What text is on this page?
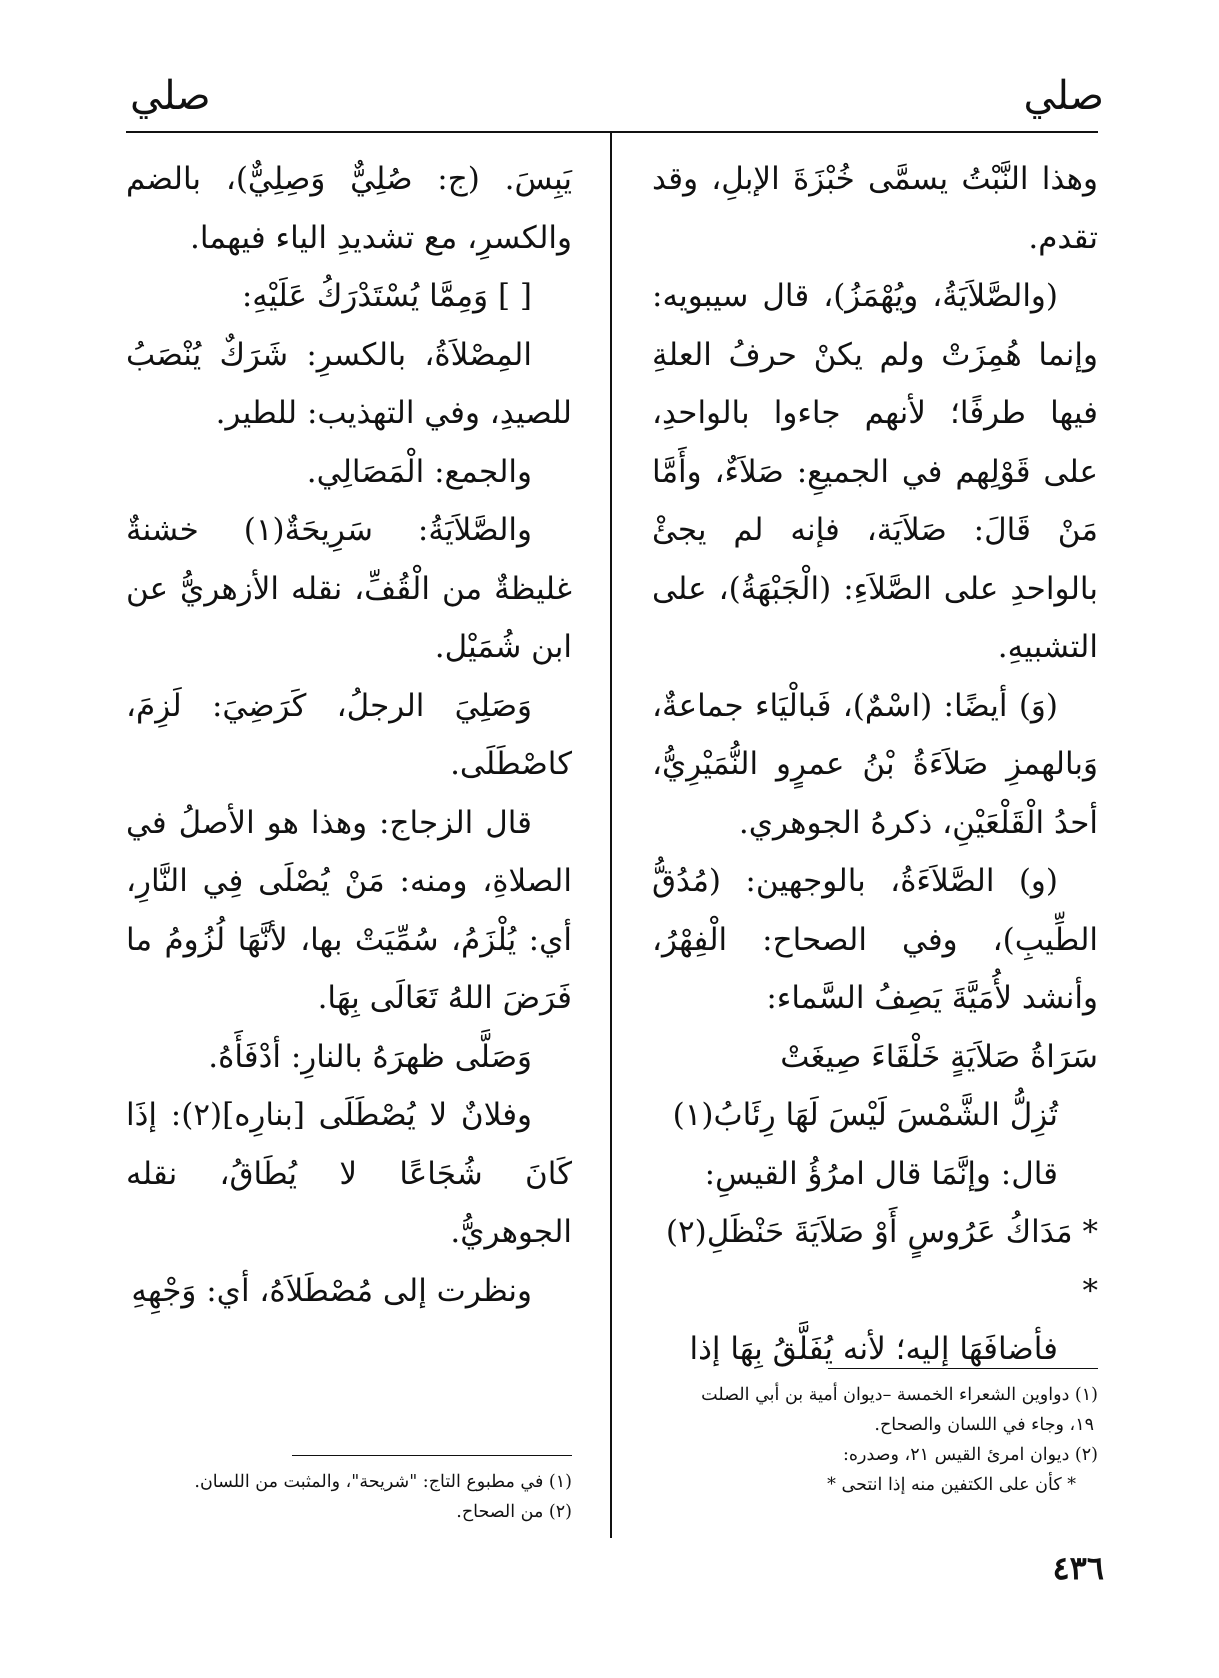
صلي
صلي

وهذا النَّبْتُ يسمَّى خُبْزَةَ الإبلِ، وقد تقدم.

(والصَّلاَيَةُ، ويُهْمَزُ)، قال سيبويه: وإنما هُمِزَتْ ولم يكنْ حرفُ العلةِ فيها طرفًا؛ لأنهم جاءوا بالواحدِ، على قَوْلِهم في الجميعِ: صَلاَءٌ، وأَمَّا مَنْ قَالَ: صَلاَيَة، فإنه لم يجئْ بالواحدِ على الصَّلاَءِ: (الْجَبْهَةُ)، على التشبيهِ.

(وَ) أيضًا: (اسْمٌ)، فَبالْيَاء جماعةٌ، وَبالهمزِ صَلاَءَةُ بْنُ عمرٍو النُّمَيْرِيُّ، أحدُ الْقَلْعَيْنِ، ذكرهُ الجوهري.

(و) الصَّلاَءَةُ، بالوجهين: (مُدُقُّ الطِّيبِ)، وفي الصحاح: الْفِهْرُ، وأنشد لأُمَيَّةَ يَصِفُ السَّماء:

سَرَاةُ صَلاَيَةٍ خَلْقَاءَ صِيغَتْ

تُزِلُّ الشَّمْسَ لَيْسَ لَهَا رِئَابُ(١)

قال: وإنَّمَا قال امرُؤُ القيسِ:

* مَدَاكُ عَرُوسٍ أَوْ صَلاَيَةَ حَنْظَلِ(٢) *

فأضافَهَا إليه؛ لأنه يُفَلَّقُ بِهَا إذا

يَبِسَ. (ج: صُلِيٌّ وَصِلِيٌّ)، بالضم والكسرِ، مع تشديدِ الياء فيهما.

[ ] وَمِمَّا يُسْتَدْرَكُ عَلَيْهِ:

المِصْلاَةُ، بالكسرِ: شَرَكٌ يُنْصَبُ للصيدِ، وفي التهذيب: للطير.

والجمع: الْمَصَالِي.

والصَّلاَيَةُ: سَرِيحَةٌ(١) خشنةٌ غليظةٌ من الْقُفِّ، نقله الأزهريُّ عن ابن شُمَيْل.

وَصَلِيَ الرجلُ، كَرَضِيَ: لَزِمَ، كاصْطَلَى.

قال الزجاج: وهذا هو الأصلُ في الصلاةِ، ومنه: مَنْ يُصْلَى فِي النَّارِ، أي: يُلْزَمُ، سُمِّيَتْ بها، لأنَّهَا لُزُومُ ما فَرَضَ اللهُ تَعَالَى بِهَا.

وَصَلَّى ظهرَهُ بالنارِ: أدْفَأَهُ.

وفلانٌ لا يُصْطَلَى [بنارِه](٢): إذَا كَانَ شُجَاعًا لا يُطَاقُ، نقله الجوهريُّ.

ونظرت إلى مُصْطَلاَهُ، أي: وَجْهِهِ

(١) دواوين الشعراء الخمسة –ديوان أمية بن أبي الصلت

١٩، وجاء في اللسان والصحاح.

(٢) ديوان امرئ القيس ٢١، وصدره:

* كأن على الكتفين منه إذا انتحى *

(١) في مطبوع التاج: "شريحة"، والمثبت من اللسان.

(٢) من الصحاح.

٤٣٦
